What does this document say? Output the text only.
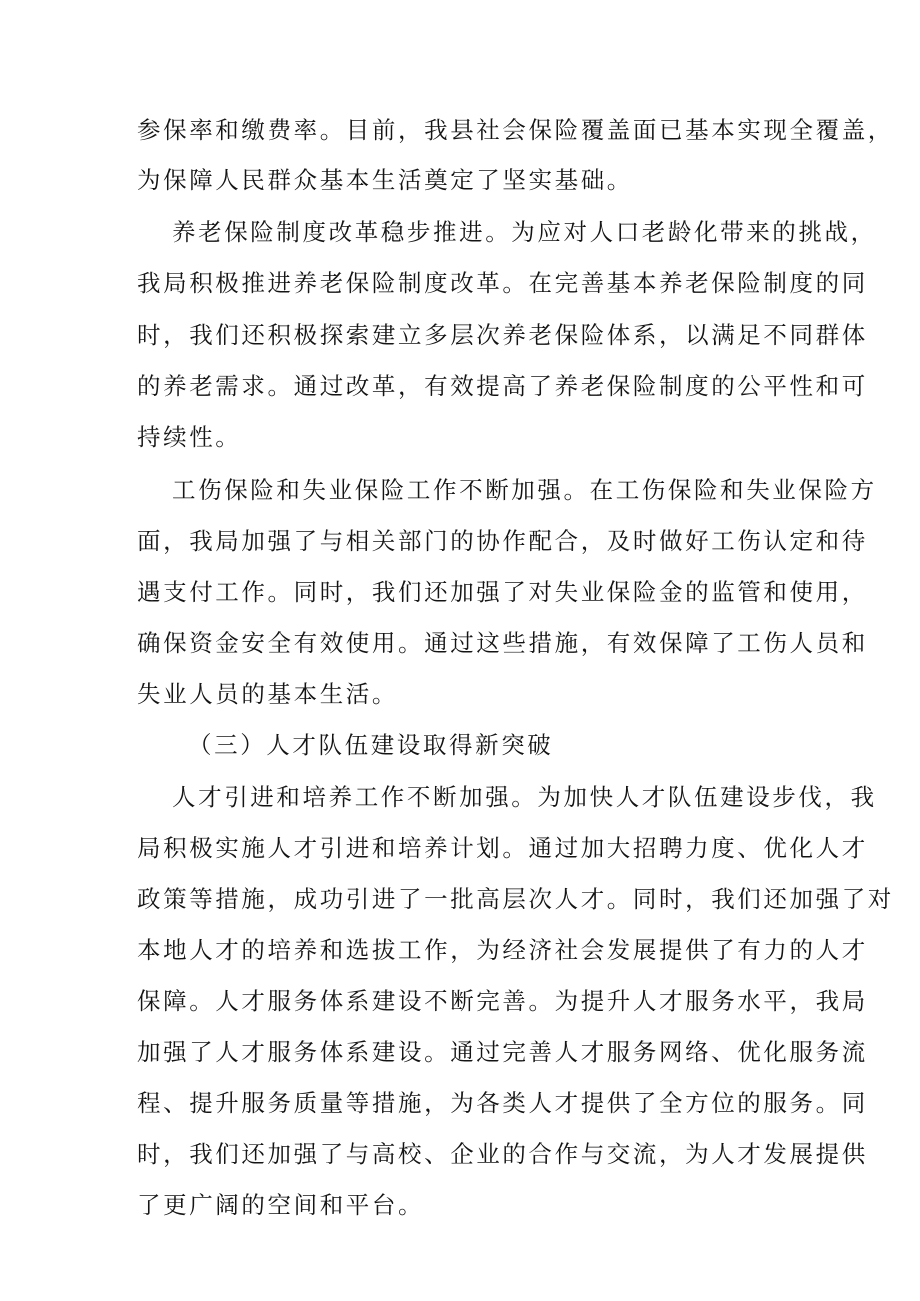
参保率和缴费率。目前，我县社会保险覆盖面已基本实现全覆盖，
为保障人民群众基本生活奠定了坚实基础。
养老保险制度改革稳步推进。为应对人口老龄化带来的挑战，
我局积极推进养老保险制度改革。在完善基本养老保险制度的同
时，我们还积极探索建立多层次养老保险体系，以满足不同群体
的养老需求。通过改革，有效提高了养老保险制度的公平性和可
持续性。
工伤保险和失业保险工作不断加强。在工伤保险和失业保险方
面，我局加强了与相关部门的协作配合，及时做好工伤认定和待
遇支付工作。同时，我们还加强了对失业保险金的监管和使用，
确保资金安全有效使用。通过这些措施，有效保障了工伤人员和
失业人员的基本生活。
（三）人才队伍建设取得新突破
人才引进和培养工作不断加强。为加快人才队伍建设步伐，我
局积极实施人才引进和培养计划。通过加大招聘力度、优化人才
政策等措施，成功引进了一批高层次人才。同时，我们还加强了对
本地人才的培养和选拔工作，为经济社会发展提供了有力的人才
保障。人才服务体系建设不断完善。为提升人才服务水平，我局
加强了人才服务体系建设。通过完善人才服务网络、优化服务流
程、提升服务质量等措施，为各类人才提供了全方位的服务。同
时，我们还加强了与高校、企业的合作与交流，为人才发展提供
了更广阔的空间和平台。
